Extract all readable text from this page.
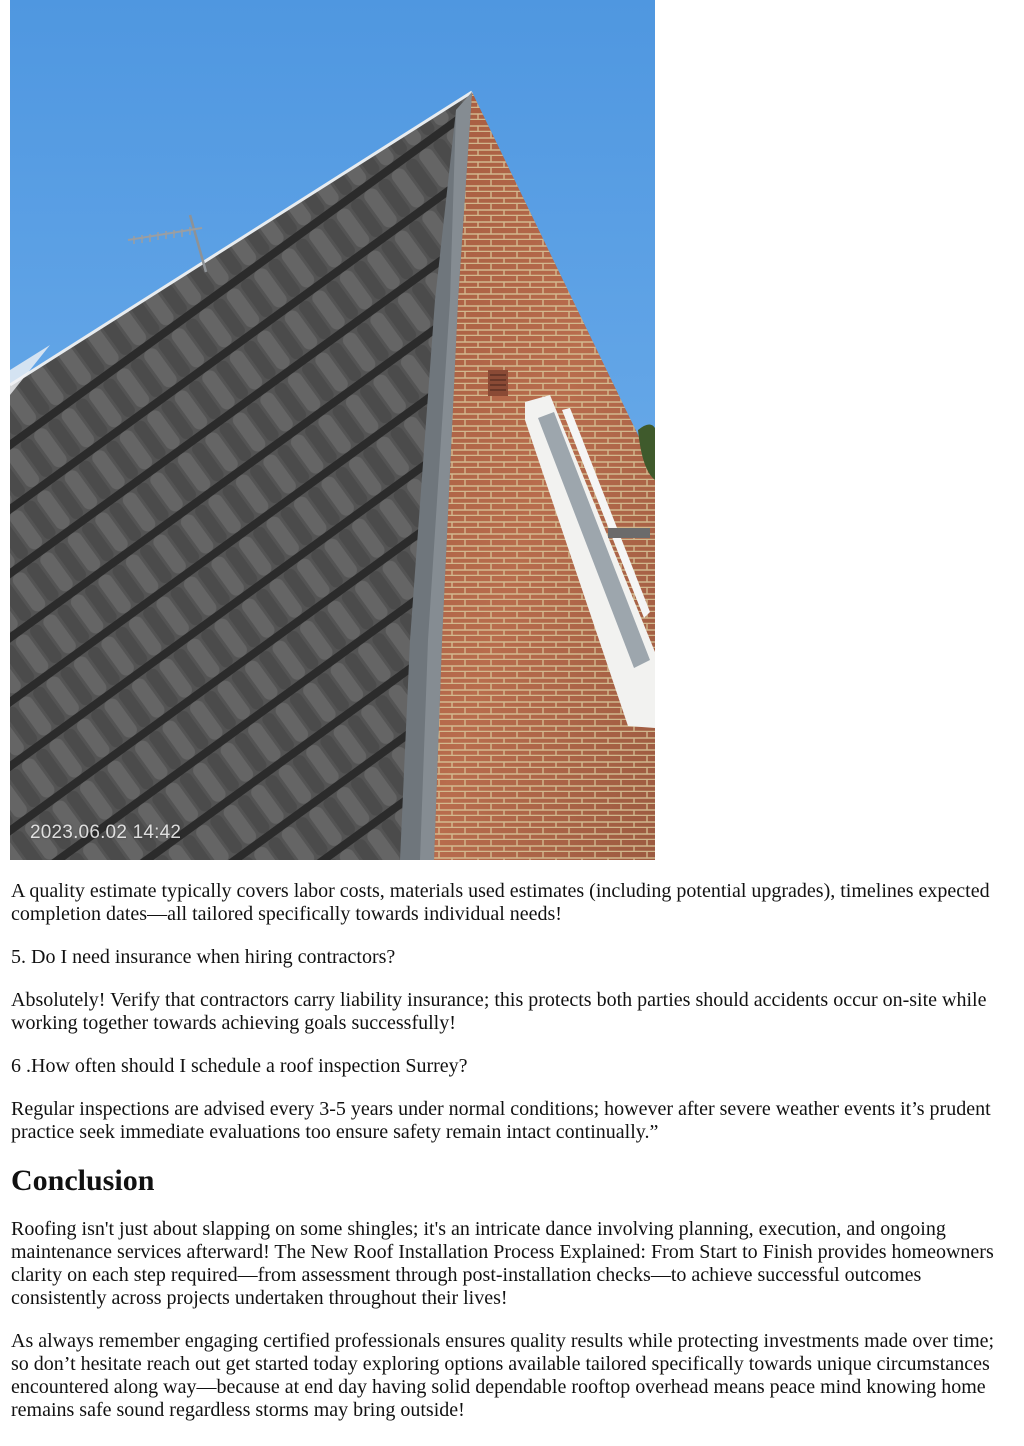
2023.06.02 14:42

A quality estimate typically covers labor costs, materials used estimates (including potential upgrades), timelines expected completion dates—all tailored specifically towards individual needs!

5. Do I need insurance when hiring contractors?

Absolutely! Verify that contractors carry liability insurance; this protects both parties should accidents occur on-site while working together towards achieving goals successfully!

6 .How often should I schedule a roof inspection Surrey?

Regular inspections are advised every 3-5 years under normal conditions; however after severe weather events it’s prudent practice seek immediate evaluations too ensure safety remain intact continually.”

Conclusion

Roofing isn't just about slapping on some shingles; it's an intricate dance involving planning, execution, and ongoing maintenance services afterward! The New Roof Installation Process Explained: From Start to Finish provides homeowners clarity on each step required—from assessment through post-installation checks—to achieve successful outcomes consistently across projects undertaken throughout their lives!

As always remember engaging certified professionals ensures quality results while protecting investments made over time; so don’t hesitate reach out get started today exploring options available tailored specifically towards unique circumstances encountered along way—because at end day having solid dependable rooftop overhead means peace mind knowing home remains safe sound regardless storms may bring outside!
